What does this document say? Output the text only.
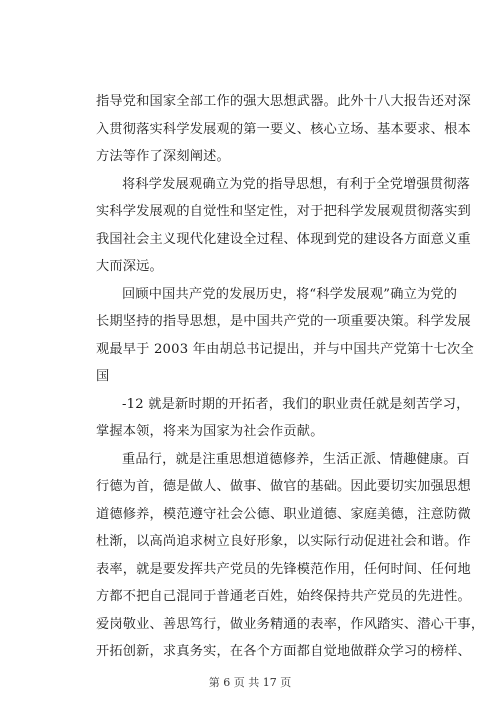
指导党和国家全部工作的强大思想武器。此外十八大报告还对深
入贯彻落实科学发展观的第一要义、核心立场、基本要求、根本
方法等作了深刻阐述。
将科学发展观确立为党的指导思想，有利于全党增强贯彻落
实科学发展观的自觉性和坚定性，对于把科学发展观贯彻落实到
我国社会主义现代化建设全过程、体现到党的建设各方面意义重
大而深远。
回顾中国共产党的发展历史，将“科学发展观”确立为党的
长期坚持的指导思想，是中国共产党的一项重要决策。科学发展
观最早于 2003 年由胡总书记提出，并与中国共产党第十七次全
国
-12 就是新时期的开拓者，我们的职业责任就是刻苦学习，
掌握本领，将来为国家为社会作贡献。
重品行，就是注重思想道德修养，生活正派、情趣健康。百
行德为首，德是做人、做事、做官的基础。因此要切实加强思想
道德修养，模范遵守社会公德、职业道德、家庭美德，注意防微
杜渐，以高尚追求树立良好形象，以实际行动促进社会和谐。作
表率，就是要发挥共产党员的先锋模范作用，任何时间、任何地
方都不把自己混同于普通老百姓，始终保持共产党员的先进性。
爱岗敬业、善思笃行，做业务精通的表率，作风踏实、潜心干事，
开拓创新，求真务实，在各个方面都自觉地做群众学习的榜样、
第 6 页 共 17 页
